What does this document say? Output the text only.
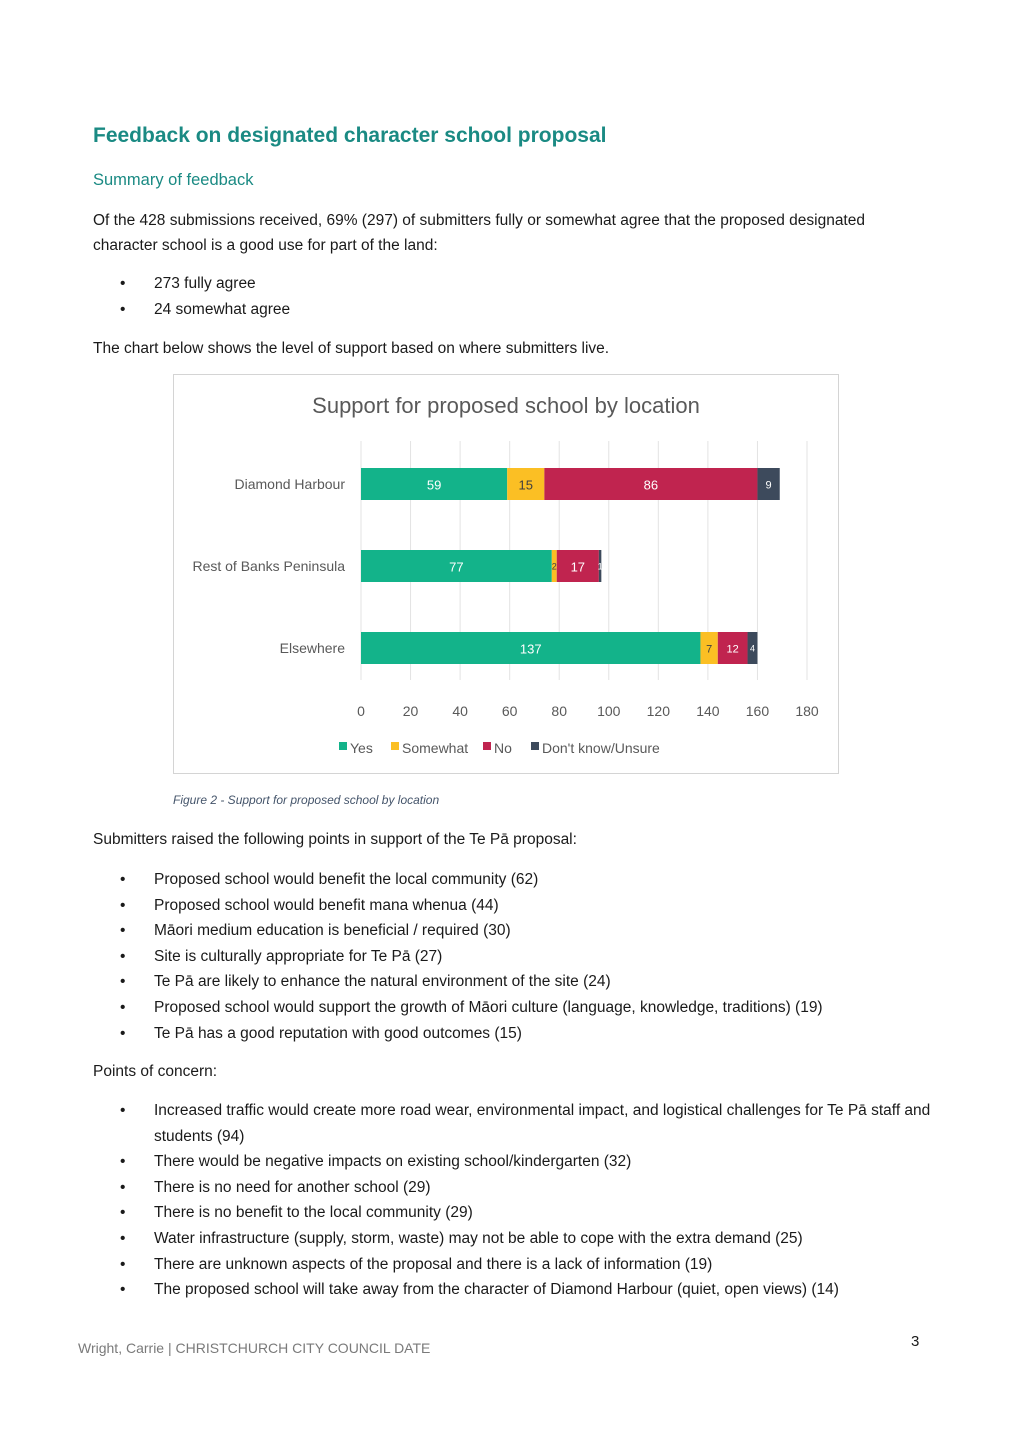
Feedback on designated character school proposal
Summary of feedback
Of the 428 submissions received, 69% (297) of submitters fully or somewhat agree that the proposed designated character school is a good use for part of the land:
• 273 fully agree
• 24 somewhat agree
The chart below shows the level of support based on where submitters live.
Support for proposed school by location
0	20 40 60 80 100 120 140 160 180
Diamond Harbour	59	15	86	9
Rest of Banks Peninsula	77	2 17 1
Elsewhere	137	7 12 4
Yes Somewhat No Don't know/Unsure
Figure 2 - Support for proposed school by location
Submitters raised the following points in support of the Te Pā proposal:
• Proposed school would benefit the local community (62)
• Proposed school would benefit mana whenua (44)
• Māori medium education is beneficial / required (30)
• Site is culturally appropriate for Te Pā (27)
• Te Pā are likely to enhance the natural environment of the site (24)
• Proposed school would support the growth of Māori culture (language, knowledge, traditions) (19)
• Te Pā has a good reputation with good outcomes (15)
Points of concern:
• Increased traffic would create more road wear, environmental impact, and logistical challenges for Te Pā staff and students (94)
• There would be negative impacts on existing school/kindergarten (32)
• There is no need for another school (29)
• There is no benefit to the local community (29)
• Water infrastructure (supply, storm, waste) may not be able to cope with the extra demand (25)
• There are unknown aspects of the proposal and there is a lack of information (19)
• The proposed school will take away from the character of Diamond Harbour (quiet, open views) (14)
Wright, Carrie | CHRISTCHURCH CITY COUNCIL DATE	3
